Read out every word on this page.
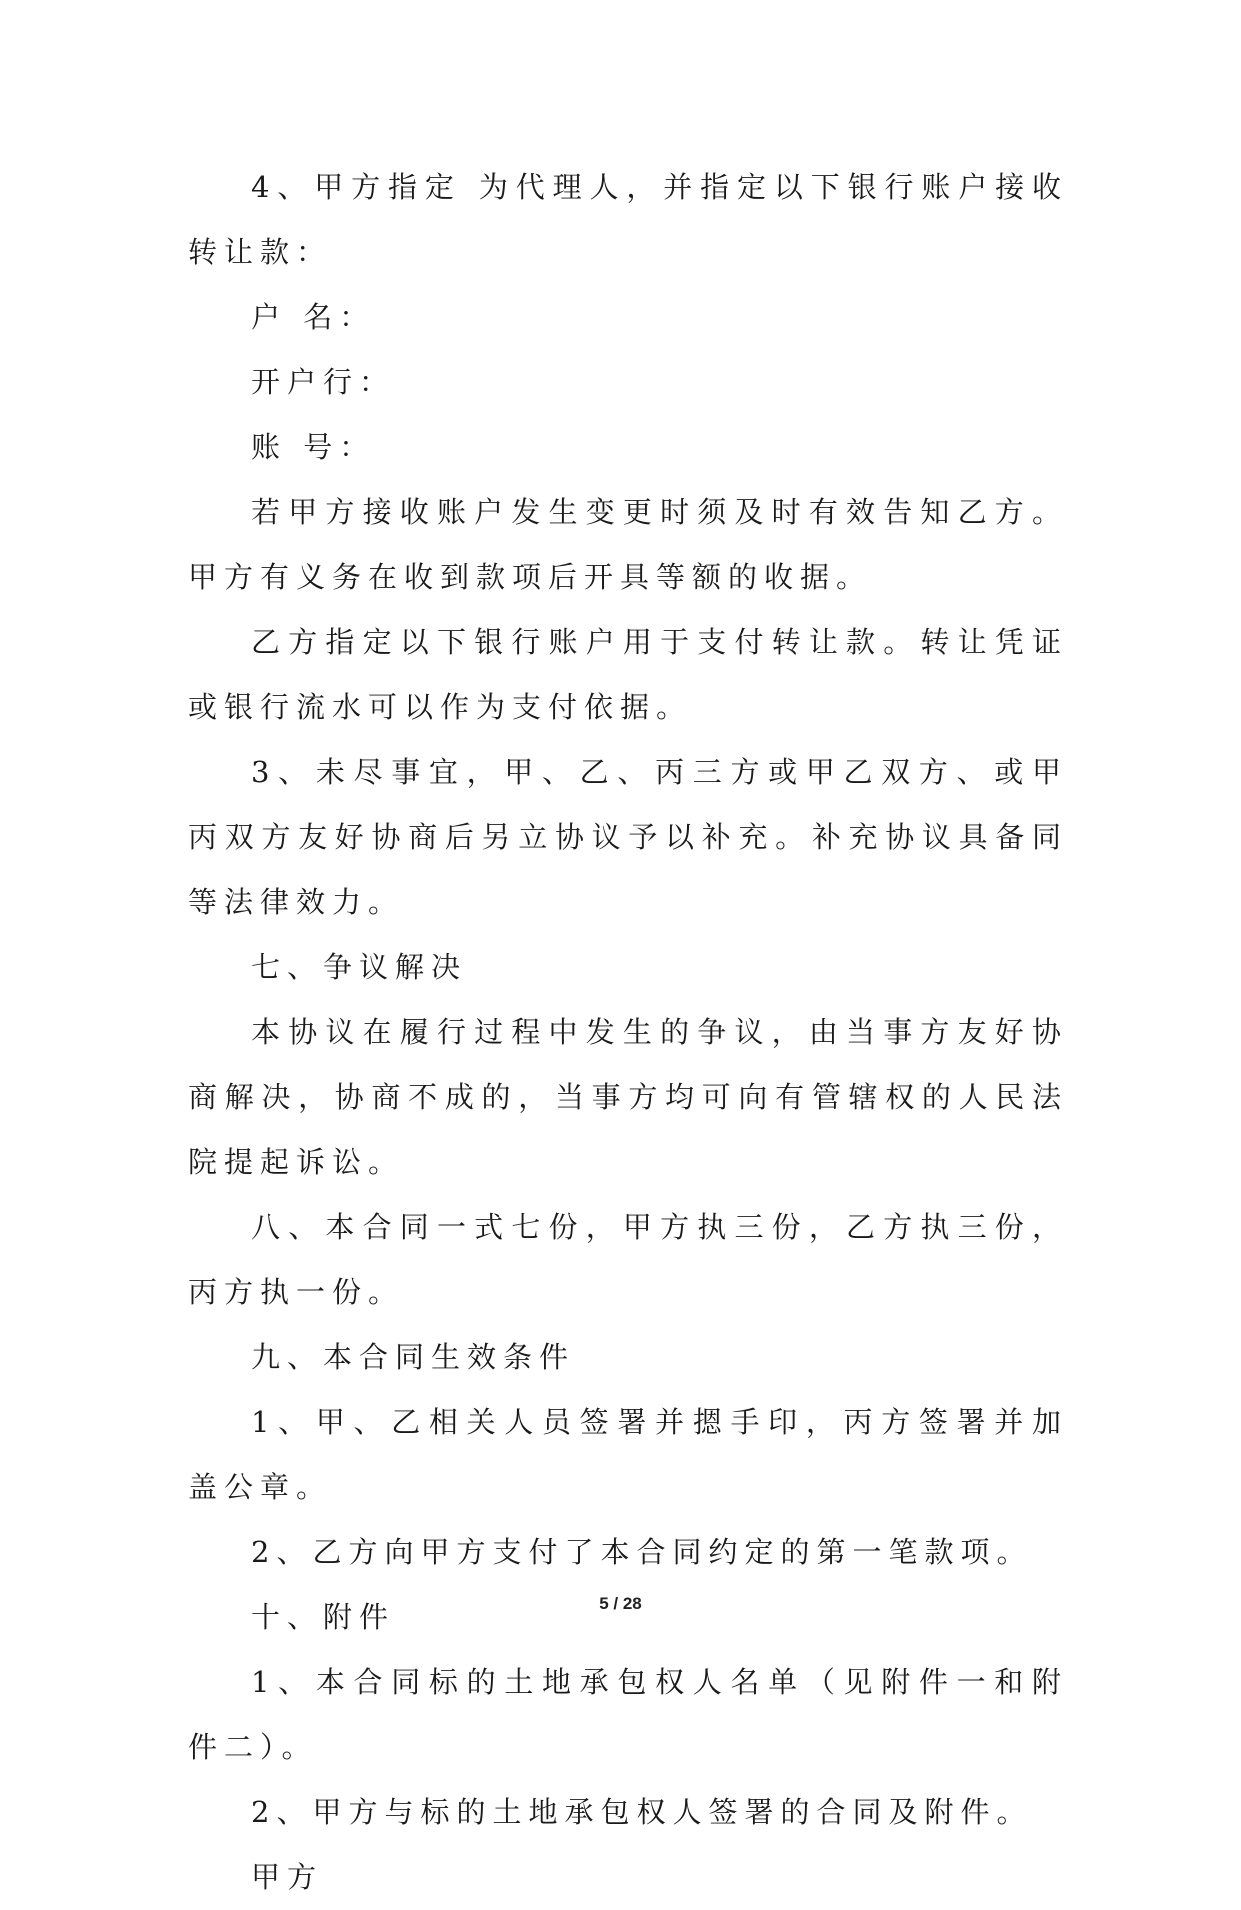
4、甲方指定 为代理人，并指定以下银行账户接收转让款：

户 名：

开户行：

账 号：

若甲方接收账户发生变更时须及时有效告知乙方。甲方有义务在收到款项后开具等额的收据。

乙方指定以下银行账户用于支付转让款。转让凭证或银行流水可以作为支付依据。

3、未尽事宜，甲、乙、丙三方或甲乙双方、或甲丙双方友好协商后另立协议予以补充。补充协议具备同等法律效力。

七、争议解决

本协议在履行过程中发生的争议，由当事方友好协商解决，协商不成的，当事方均可向有管辖权的人民法院提起诉讼。

八、本合同一式七份，甲方执三份，乙方执三份，丙方执一份。

九、本合同生效条件

1、甲、乙相关人员签署并摁手印，丙方签署并加盖公章。

2、乙方向甲方支付了本合同约定的第一笔款项。

十、附件

1、本合同标的土地承包权人名单（见附件一和附件二）。

2、甲方与标的土地承包权人签署的合同及附件。

甲方

5 / 28
